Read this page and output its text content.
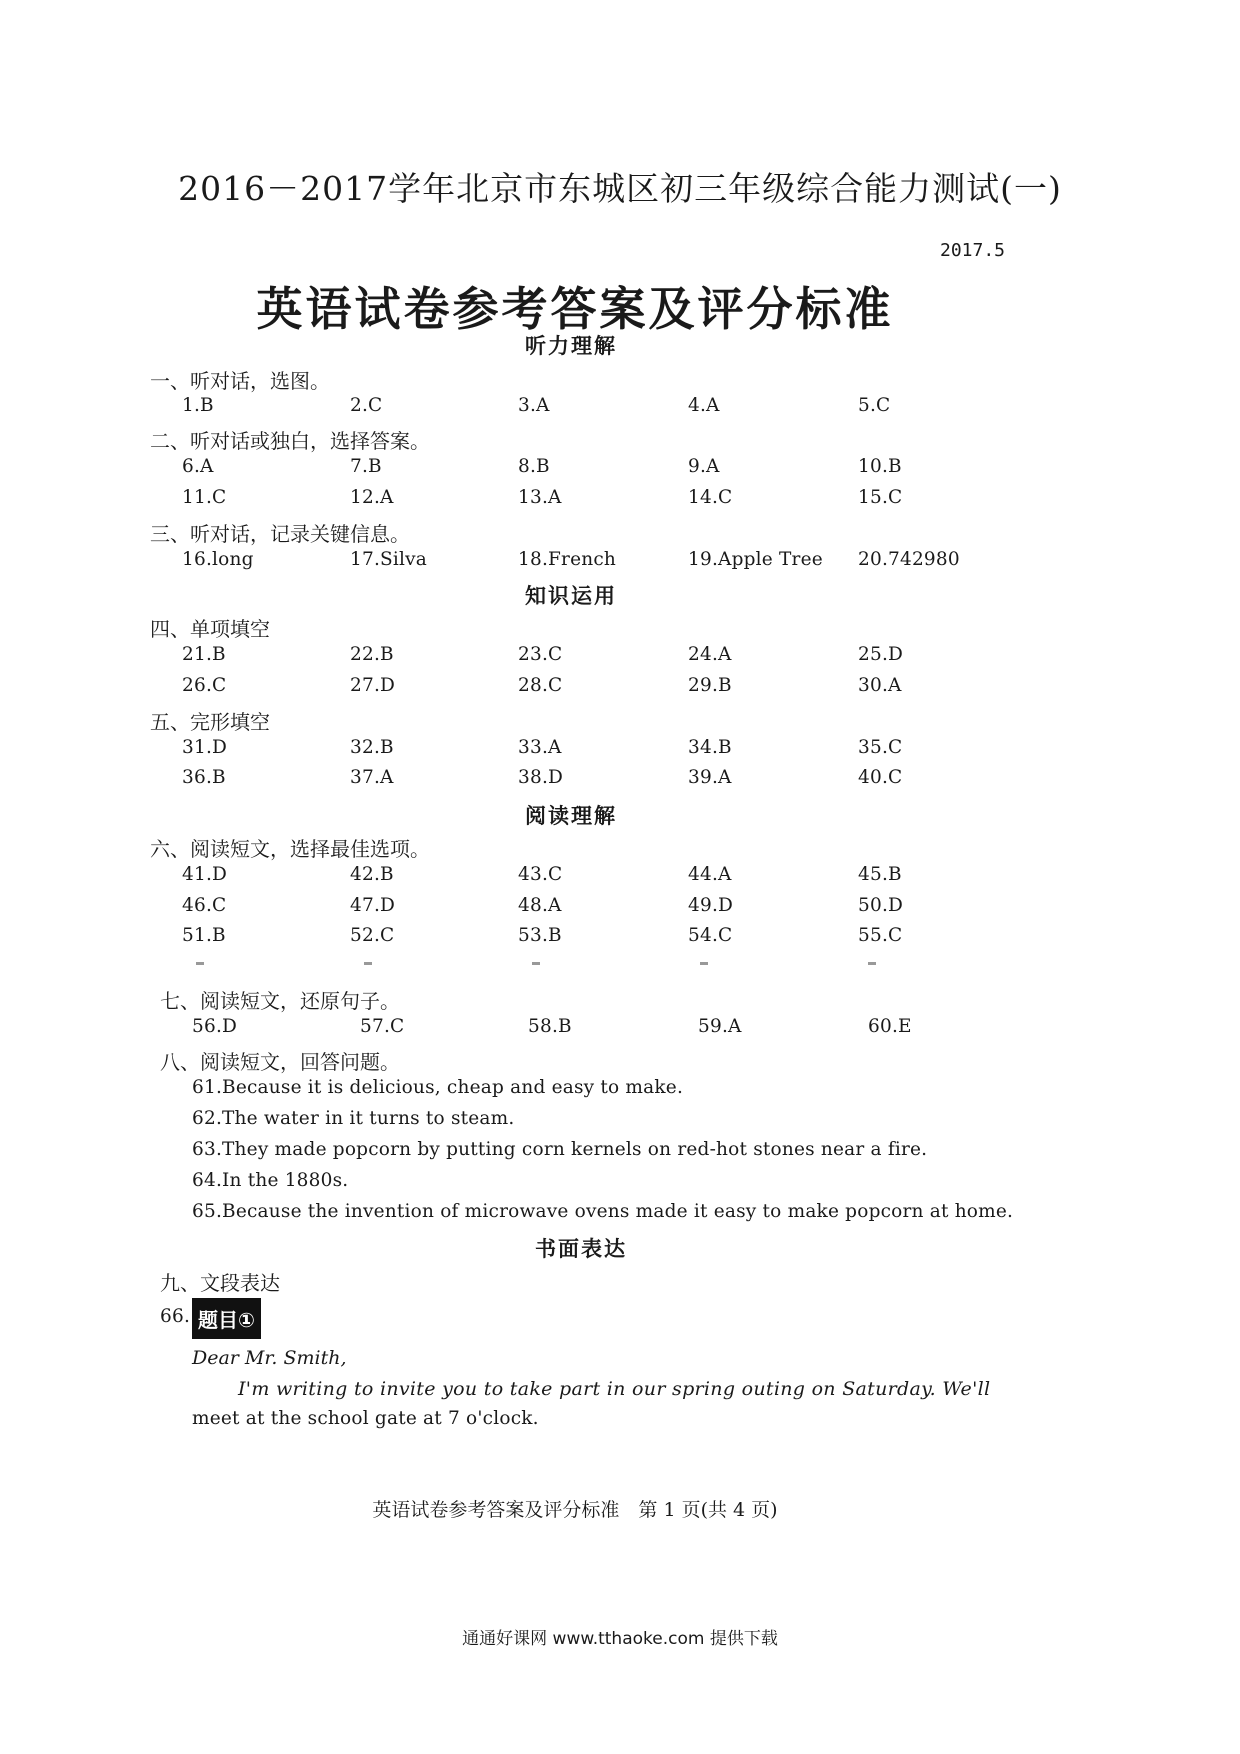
2016－2017学年北京市东城区初三年级综合能力测试(一)
2017.5
英语试卷参考答案及评分标准
听力理解
一、听对话，选图。
1.B	2.C	3.A	4.A	5.C
二、听对话或独白，选择答案。
6.A	7.B	8.B	9.A	10.B
11.C	12.A	13.A	14.C	15.C
三、听对话，记录关键信息。
16.long	17.Silva	18.French	19.Apple Tree	20.742980
知识运用
四、单项填空
21.B	22.B	23.C	24.A	25.D
26.C	27.D	28.C	29.B	30.A
五、完形填空
31.D	32.B	33.A	34.B	35.C
36.B	37.A	38.D	39.A	40.C
阅读理解
六、阅读短文，选择最佳选项。
41.D	42.B	43.C	44.A	45.B
46.C	47.D	48.A	49.D	50.D
51.B	52.C	53.B	54.C	55.C
七、阅读短文，还原句子。
56.D	57.C	58.B	59.A	60.E
八、阅读短文，回答问题。
61.Because it is delicious, cheap and easy to make.
62.The water in it turns to steam.
63.They made popcorn by putting corn kernels on red-hot stones near a fire.
64.In the 1880s.
65.Because the invention of microwave ovens made it easy to make popcorn at home.
书面表达
九、文段表达
66. 题目①
Dear Mr. Smith,
I'm writing to invite you to take part in our spring outing on Saturday. We'll
meet at the school gate at 7 o'clock.
英语试卷参考答案及评分标准　第 1 页(共 4 页)
通通好课网 www.tthaoke.com 提供下载
